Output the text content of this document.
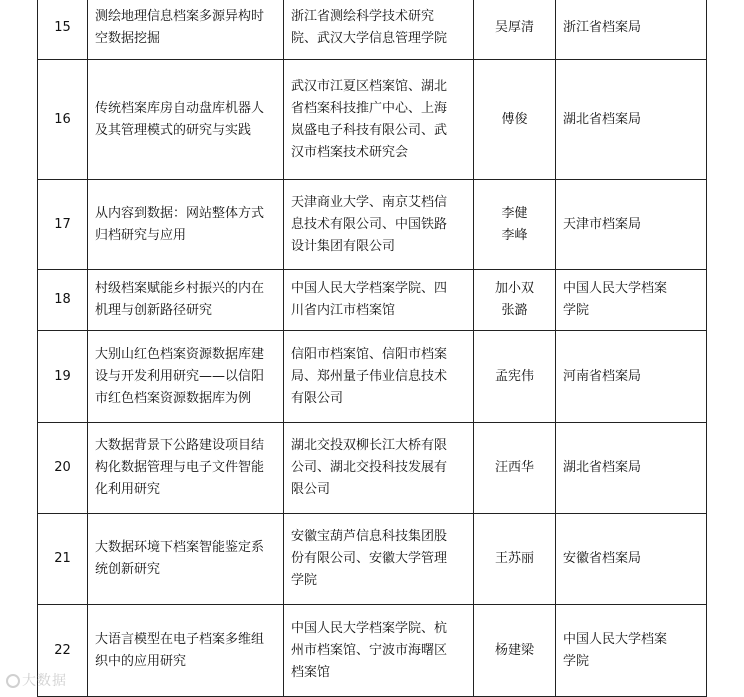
15	测绘地理信息档案多源异构时
空数据挖掘	浙江省测绘科学技术研究
院、武汉大学信息管理学院	吴厚清	浙江省档案局

16	传统档案库房自动盘库机器人
及其管理模式的研究与实践	武汉市江夏区档案馆、湖北
省档案科技推广中心、上海
岚盛电子科技有限公司、武
汉市档案技术研究会	傅俊	湖北省档案局

17	从内容到数据：网站整体方式
归档研究与应用	天津商业大学、南京艾档信
息技术有限公司、中国铁路
设计集团有限公司	李健
李峰	天津市档案局

18	村级档案赋能乡村振兴的内在
机理与创新路径研究	中国人民大学档案学院、四
川省内江市档案馆	加小双
张潞	中国人民大学档案
学院

19	大别山红色档案资源数据库建
设与开发利用研究——以信阳
市红色档案资源数据库为例	信阳市档案馆、信阳市档案
局、郑州量子伟业信息技术
有限公司	孟宪伟	河南省档案局

20	大数据背景下公路建设项目结
构化数据管理与电子文件智能
化利用研究	湖北交投双柳长江大桥有限
公司、湖北交投科技发展有
限公司	汪西华	湖北省档案局

21	大数据环境下档案智能鉴定系
统创新研究	安徽宝葫芦信息科技集团股
份有限公司、安徽大学管理
学院	王苏丽	安徽省档案局

22	大语言模型在电子档案多维组
织中的应用研究	中国人民大学档案学院、杭
州市档案馆、宁波市海曙区
档案馆	杨建梁	中国人民大学档案
学院
大数据
